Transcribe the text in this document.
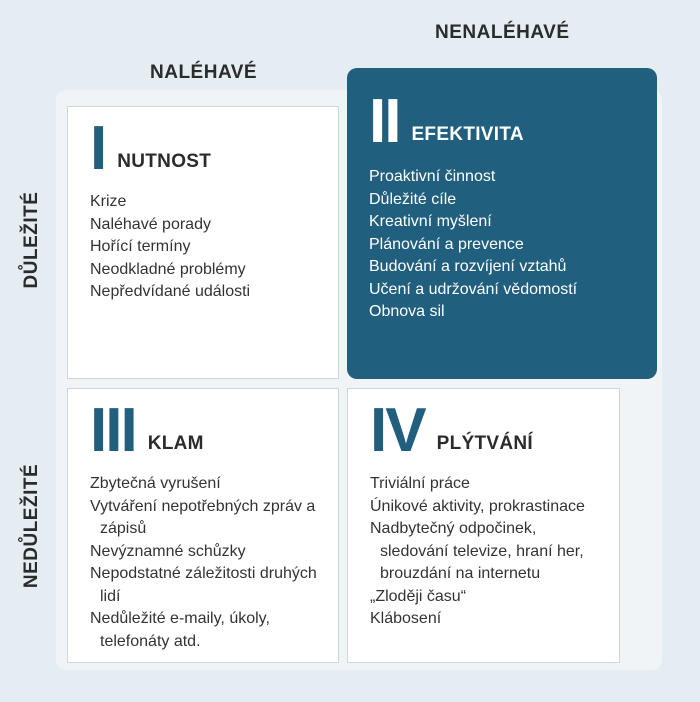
NALÉHAVÉ
NENALÉHAVÉ
DŮLEŽITÉ
NEDŮLEŽITÉ
I NUTNOST
Krize
Naléhavé porady
Hořící termíny
Neodkladné problémy
Nepředvídané události
II EFEKTIVITA
Proaktivní činnost
Důležité cíle
Kreativní myšlení
Plánování a prevence
Budování a rozvíjení vztahů
Učení a udržování vědomostí
Obnova sil
III KLAM
Zbytečná vyrušení
Vytváření nepotřebných zpráv a zápisů
Nevýznamné schůzky
Nepodstatné záležitosti druhých lidí
Nedůležité e-maily, úkoly, telefonáty atd.
IV PLÝTVÁNÍ
Triviální práce
Únikové aktivity, prokrastinace
Nadbytečný odpočinek, sledování televize, hraní her, brouzdání na internetu
„Zloději času“
Klábosení
